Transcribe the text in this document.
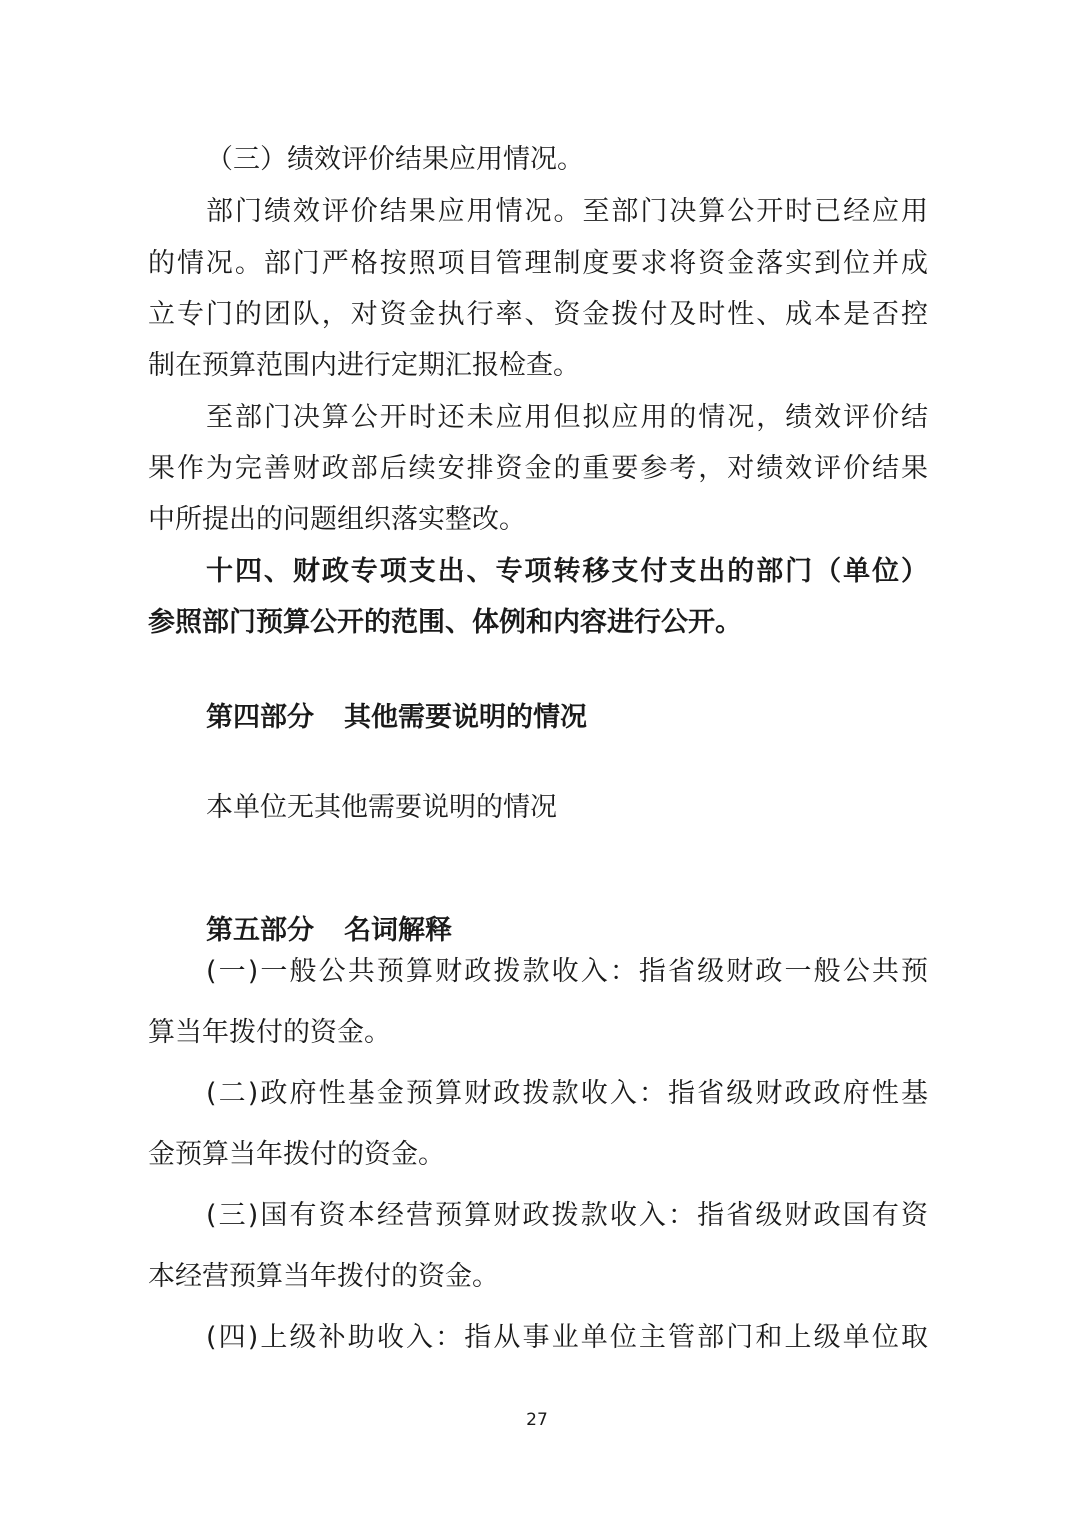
（三）绩效评价结果应用情况。
部门绩效评价结果应用情况。至部门决算公开时已经应用
的情况。部门严格按照项目管理制度要求将资金落实到位并成
立专门的团队，对资金执行率、资金拨付及时性、成本是否控
制在预算范围内进行定期汇报检查。
至部门决算公开时还未应用但拟应用的情况，绩效评价结
果作为完善财政部后续安排资金的重要参考，对绩效评价结果
中所提出的问题组织落实整改。
十四、财政专项支出、专项转移支付支出的部门（单位）
参照部门预算公开的范围、体例和内容进行公开。
第四部分 其他需要说明的情况
本单位无其他需要说明的情况
第五部分 名词解释
(一)一般公共预算财政拨款收入：指省级财政一般公共预
算当年拨付的资金。
(二)政府性基金预算财政拨款收入：指省级财政政府性基
金预算当年拨付的资金。
(三)国有资本经营预算财政拨款收入：指省级财政国有资
本经营预算当年拨付的资金。
(四)上级补助收入：指从事业单位主管部门和上级单位取
27
